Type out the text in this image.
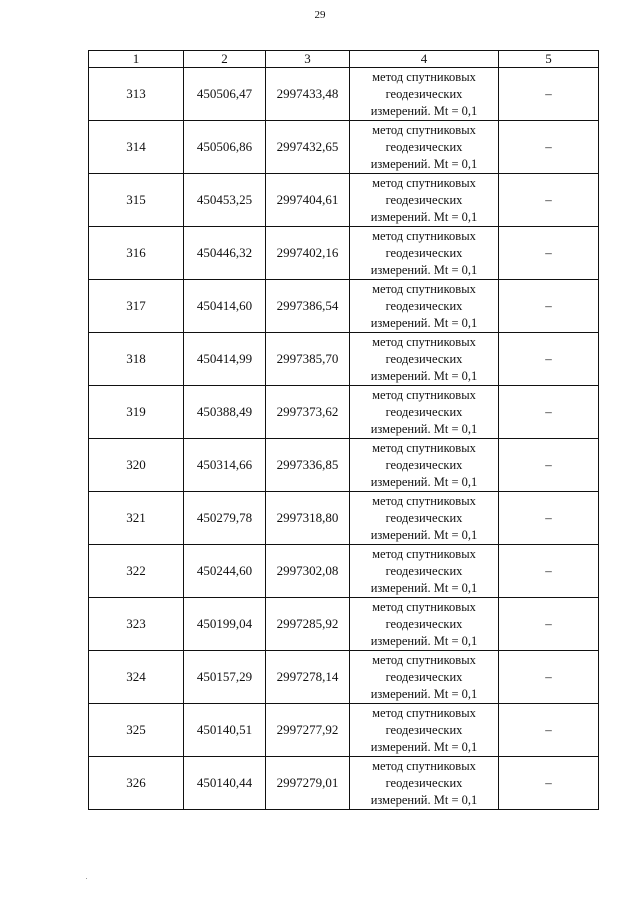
29
1	2	3	4	5
313	450506,47	2997433,48	метод спутниковых
геодезических
измерений. Mt = 0,1	–
314	450506,86	2997432,65	метод спутниковых
геодезических
измерений. Mt = 0,1	–
315	450453,25	2997404,61	метод спутниковых
геодезических
измерений. Mt = 0,1	–
316	450446,32	2997402,16	метод спутниковых
геодезических
измерений. Mt = 0,1	–
317	450414,60	2997386,54	метод спутниковых
геодезических
измерений. Mt = 0,1	–
318	450414,99	2997385,70	метод спутниковых
геодезических
измерений. Mt = 0,1	–
319	450388,49	2997373,62	метод спутниковых
геодезических
измерений. Mt = 0,1	–
320	450314,66	2997336,85	метод спутниковых
геодезических
измерений. Mt = 0,1	–
321	450279,78	2997318,80	метод спутниковых
геодезических
измерений. Mt = 0,1	–
322	450244,60	2997302,08	метод спутниковых
геодезических
измерений. Mt = 0,1	–
323	450199,04	2997285,92	метод спутниковых
геодезических
измерений. Mt = 0,1	–
324	450157,29	2997278,14	метод спутниковых
геодезических
измерений. Mt = 0,1	–
325	450140,51	2997277,92	метод спутниковых
геодезических
измерений. Mt = 0,1	–
326	450140,44	2997279,01	метод спутниковых
геодезических
измерений. Mt = 0,1	–
